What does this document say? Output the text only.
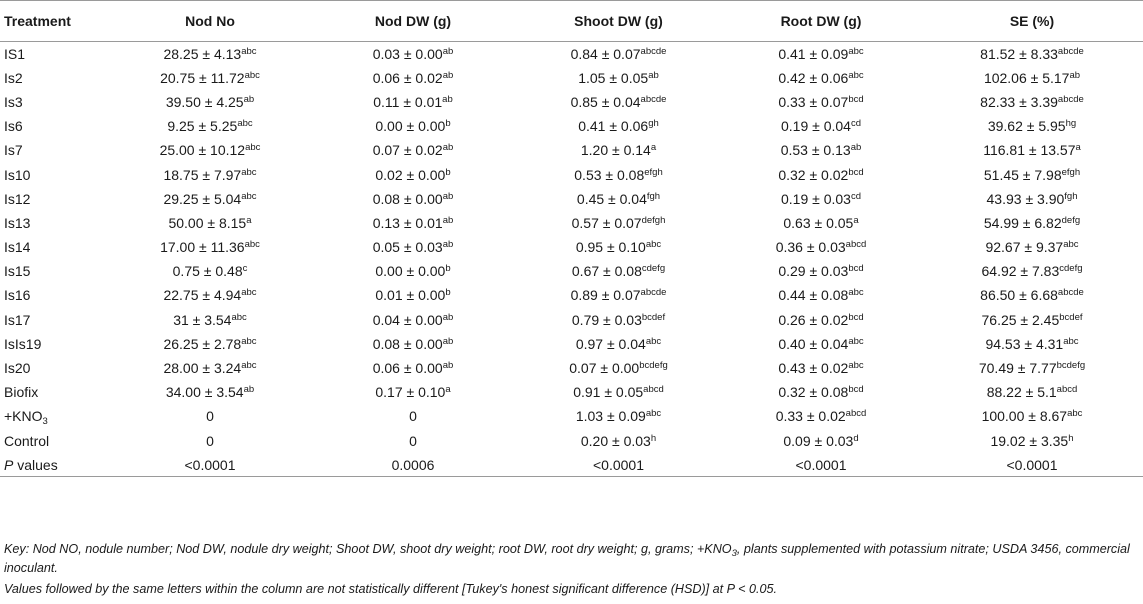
Treatment	Nod No	Nod DW (g)	Shoot DW (g)	Root DW (g)	SE (%)
IS1	28.25 ± 4.13$^{abc}$	0.03 ± 0.00$^{ab}$	$0.84 \pm 0.07^{abcde}$	0.41 ± 0.09$^{abc}$	$81.52 \pm 8.33^{abcde}$
Is2	20.75 ± 11.72$^{abc}$	0.06 ± 0.02$^{ab}$	1.05 ± 0.05$^{ab}$	0.42 ± 0.06$^{abc}$	102.06 ± 5.17$^{ab}$
Is3	39.50 ± 4.25$^{ab}$	0.11 ± 0.01$^{ab}$	$0.85 \pm 0.04^{abcde}$	0.33 ± 0.07$^{bcd}$	$82.33 \pm 3.39^{abcde}$
Is6	9.25 ± 5.25$^{abc}$	0.00 ± 0.00$^b$	0.41 ± 0.06$^{gh}$	0.19 ± 0.04$^{cd}$	39.62 ± 5.95$^{hg}$
Is7	25.00 ± 10.12$^{abc}$	0.07 ± 0.02$^{ab}$	1.20 ± 0.14$^a$	0.53 ± 0.13$^{ab}$	116.81 ± 13.57$^a$
Is10	18.75 ± 7.97$^{abc}$	0.02 ± 0.00$^b$	$0.53 \pm 0.08^{efgh}$	0.32 ± 0.02$^{bcd}$	$51.45 \pm 7.98^{efgh}$
Is12	29.25 ± 5.04$^{abc}$	0.08 ± 0.00$^{ab}$	0.45 ± 0.04$^{fgh}$	0.19 ± 0.03$^{cd}$	43.93 ± 3.90$^{fgh}$
Is13	50.00 ± 8.15$^a$	0.13 ± 0.01$^{ab}$	$0.57 \pm 0.07^{defgh}$	0.63 ± 0.05$^a$	$54.99 \pm 6.82^{defg}$
Is14	17.00 ± 11.36$^{abc}$	0.05 ± 0.03$^{ab}$	0.95 ± 0.10$^{abc}$	$0.36 \pm 0.03^{abcd}$	92.67 ± 9.37$^{abc}$
Is15	0.75 ± 0.48$^c$	0.00 ± 0.00$^b$	$0.67 \pm 0.08^{cdefg}$	0.29 ± 0.03$^{bcd}$	$64.92 \pm 7.83^{cdefg}$
Is16	22.75 ± 4.94$^{abc}$	0.01 ± 0.00$^b$	$0.89 \pm 0.07^{abcde}$	0.44 ± 0.08$^{abc}$	$86.50 \pm 6.68^{abcde}$
Is17	31 ± 3.54$^{abc}$	0.04 ± 0.00$^{ab}$	$0.79 \pm 0.03^{bcdef}$	0.26 ± 0.02$^{bcd}$	$76.25 \pm 2.45^{bcdef}$
IsIs19	26.25 ± 2.78$^{abc}$	0.08 ± 0.00$^{ab}$	0.97 ± 0.04$^{abc}$	0.40 ± 0.04$^{abc}$	94.53 ± 4.31$^{abc}$
Is20	28.00 ± 3.24$^{abc}$	0.06 ± 0.00$^{ab}$	$0.07 \pm 0.00^{bcdefg}$	0.43 ± 0.02$^{abc}$	$70.49 \pm 7.77^{bcdefg}$
Biofix	34.00 ± 3.54$^{ab}$	0.17 ± 0.10$^a$	$0.91 \pm 0.05^{abcd}$	0.32 ± 0.08$^{bcd}$	$88.22 \pm 5.1^{abcd}$
$+KNO_3$	0	0	1.03 ± 0.09$^{abc}$	$0.33 \pm 0.02^{abcd}$	100.00 ± 8.67$^{abc}$
Control	0	0	0.20 ± 0.03$^h$	0.09 ± 0.03$^d$	19.02 ± 3.35$^h$
P values	<0.0001	0.0006	<0.0001	<0.0001	<0.0001

Key: Nod NO, nodule number; Nod DW, nodule dry weight; Shoot DW, shoot dry weight; root DW, root dry weight; g, grams; $+KNO_3$, plants supplemented with potassium nitrate; USDA 3456, commercial inoculant.

Values followed by the same letters within the column are not statistically different [Tukey's honest significant difference (HSD)] at P < 0.05.
